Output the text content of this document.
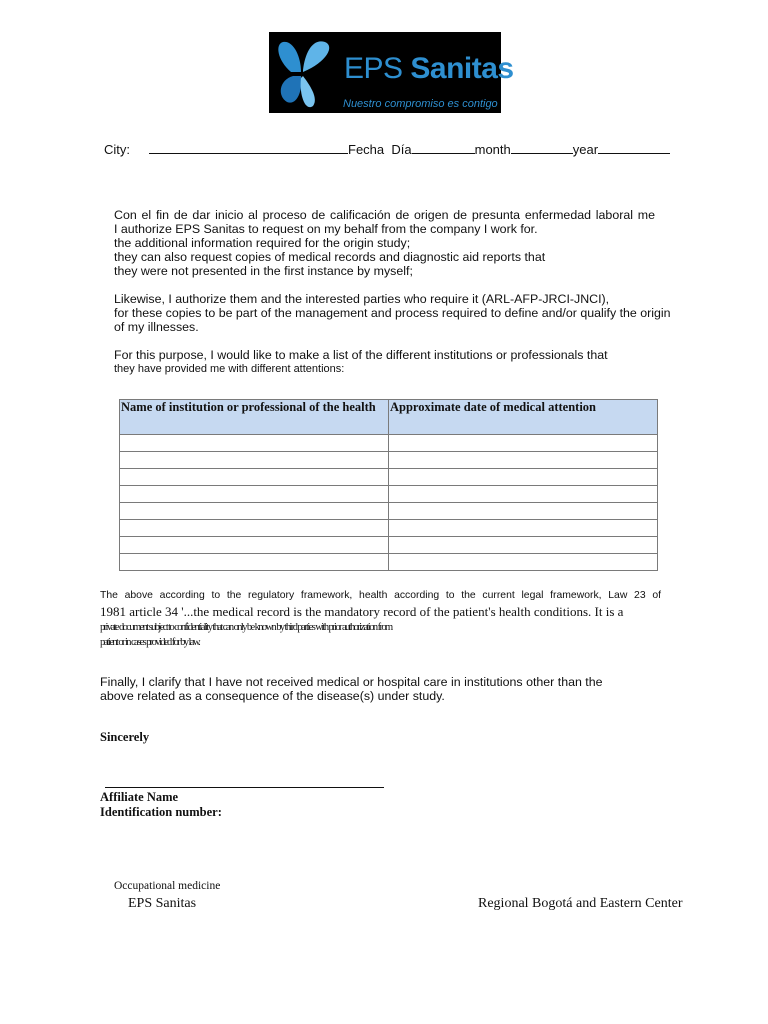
EPS Sanitas
Nuestro compromiso es contigo
City:	Fecha Día	month	year

Con el fin de dar inicio al proceso de calificación de origen de presunta enfermedad laboral me

I authorize EPS Sanitas to request on my behalf from the company I work for.

the additional information required for the origin study;

they can also request copies of medical records and diagnostic aid reports that

they were not presented in the first instance by myself;

Likewise, I authorize them and the interested parties who require it (ARL-AFP-JRCI-JNCI),

for these copies to be part of the management and process required to define and/or qualify the origin

of my illnesses.

For this purpose, I would like to make a list of the different institutions or professionals that

they have provided me with different attentions:

Name of institution or professional of the health	Approximate date of medical attention

The above according to the regulatory framework, health according to the current legal framework, Law 23 of
1981 article 34 '...the medical record is the mandatory record of the patient's health conditions. It is a
private document subject to confidentiality that can only be known by third parties with prior authorization from
patient or in cases provided for by law.

Finally, I clarify that I have not received medical or hospital care in institutions other than the

above related as a consequence of the disease(s) under study.

Sincerely
Affiliate Name
Identification number:
Occupational medicine
EPS Sanitas	Regional Bogotá and Eastern Center
